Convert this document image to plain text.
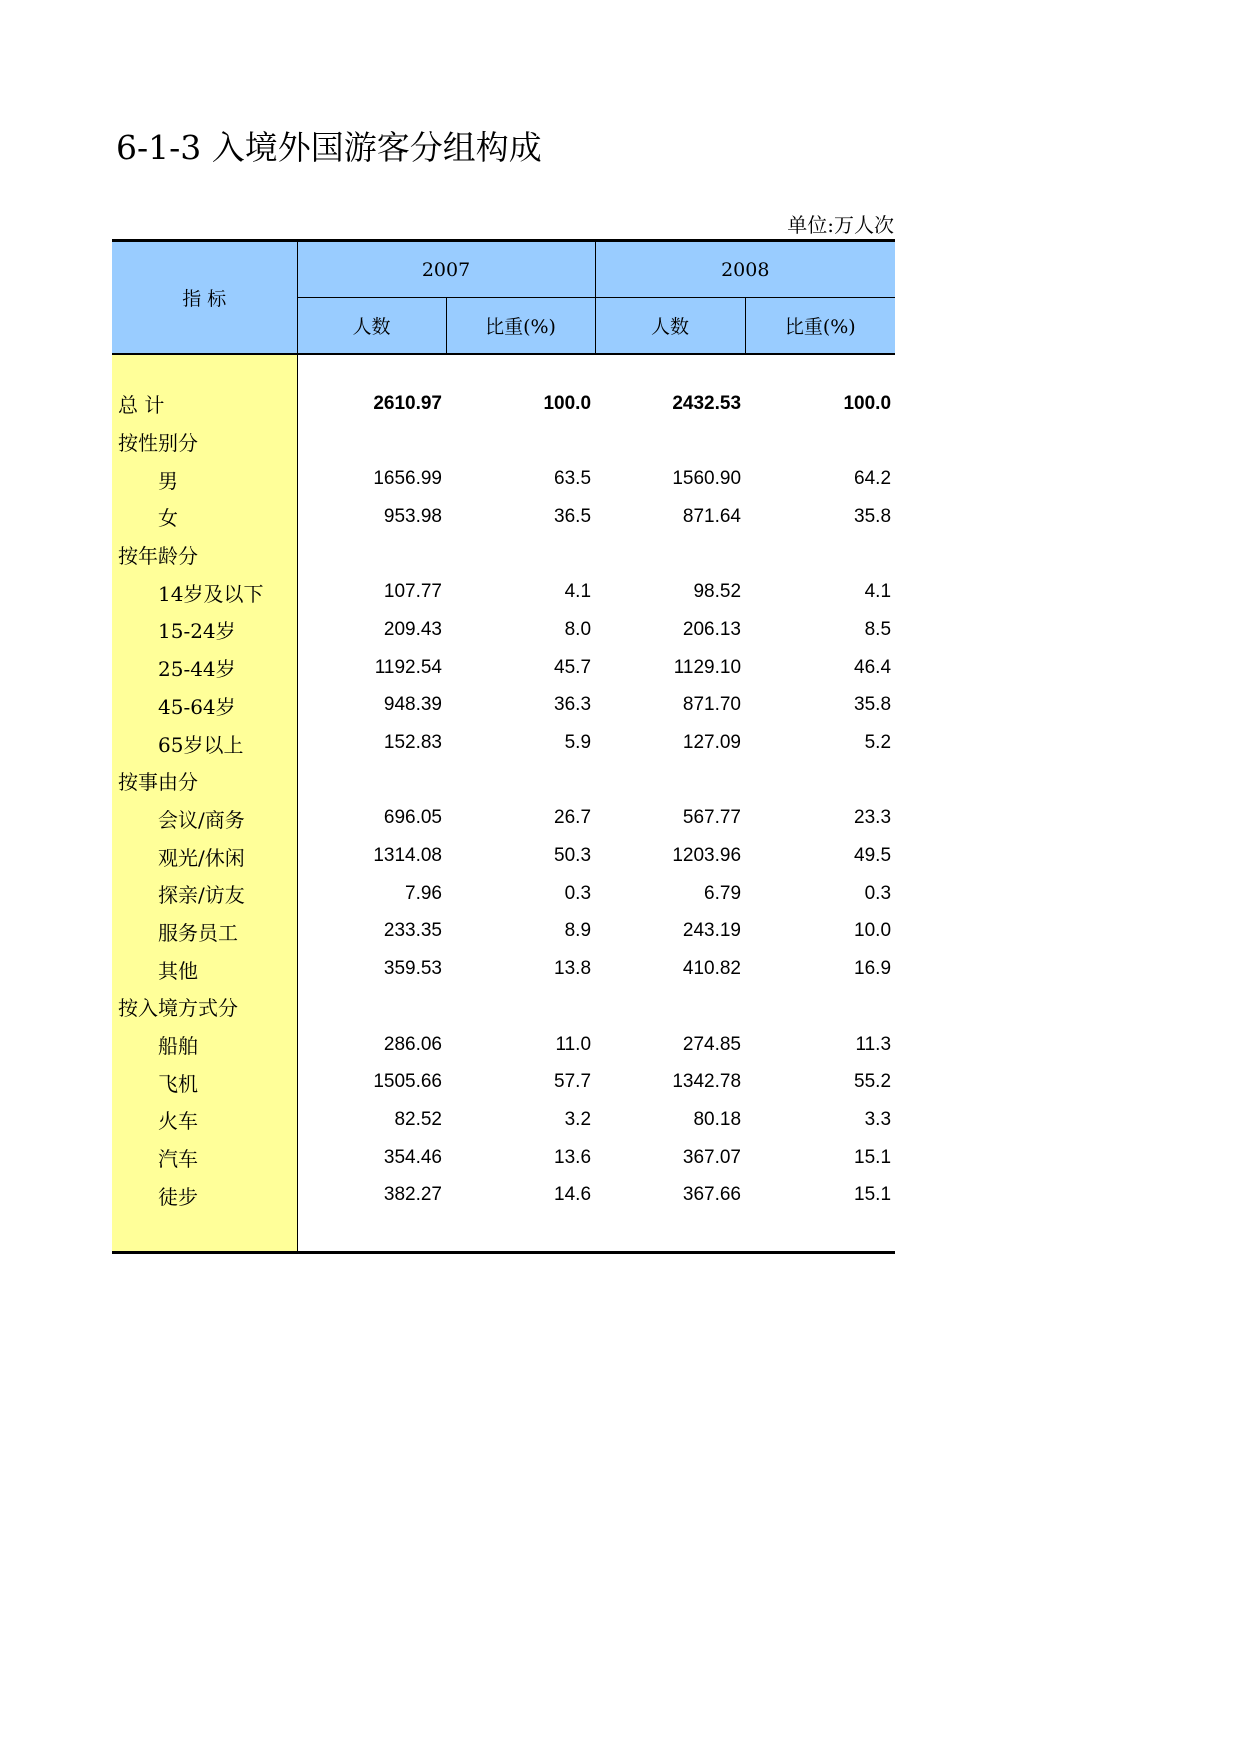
6-1-3 入境外国游客分组构成
单位:万人次
指 标	2007		2008	
	人数	比重(%)	人数	比重(%)

总 计	2610.97	100.0	2432.53	100.0
按性别分				
男	1656.99	63.5	1560.90	64.2
女	953.98	36.5	871.64	35.8
按年龄分				
14岁及以下	107.77	4.1	98.52	4.1
15-24岁	209.43	8.0	206.13	8.5
25-44岁	1192.54	45.7	1129.10	46.4
45-64岁	948.39	36.3	871.70	35.8
65岁以上	152.83	5.9	127.09	5.2
按事由分				
会议/商务	696.05	26.7	567.77	23.3
观光/休闲	1314.08	50.3	1203.96	49.5
探亲/访友	7.96	0.3	6.79	0.3
服务员工	233.35	8.9	243.19	10.0
其他	359.53	13.8	410.82	16.9
按入境方式分				
船舶	286.06	11.0	274.85	11.3
飞机	1505.66	57.7	1342.78	55.2
火车	82.52	3.2	80.18	3.3
汽车	354.46	13.6	367.07	15.1
徒步	382.27	14.6	367.66	15.1
